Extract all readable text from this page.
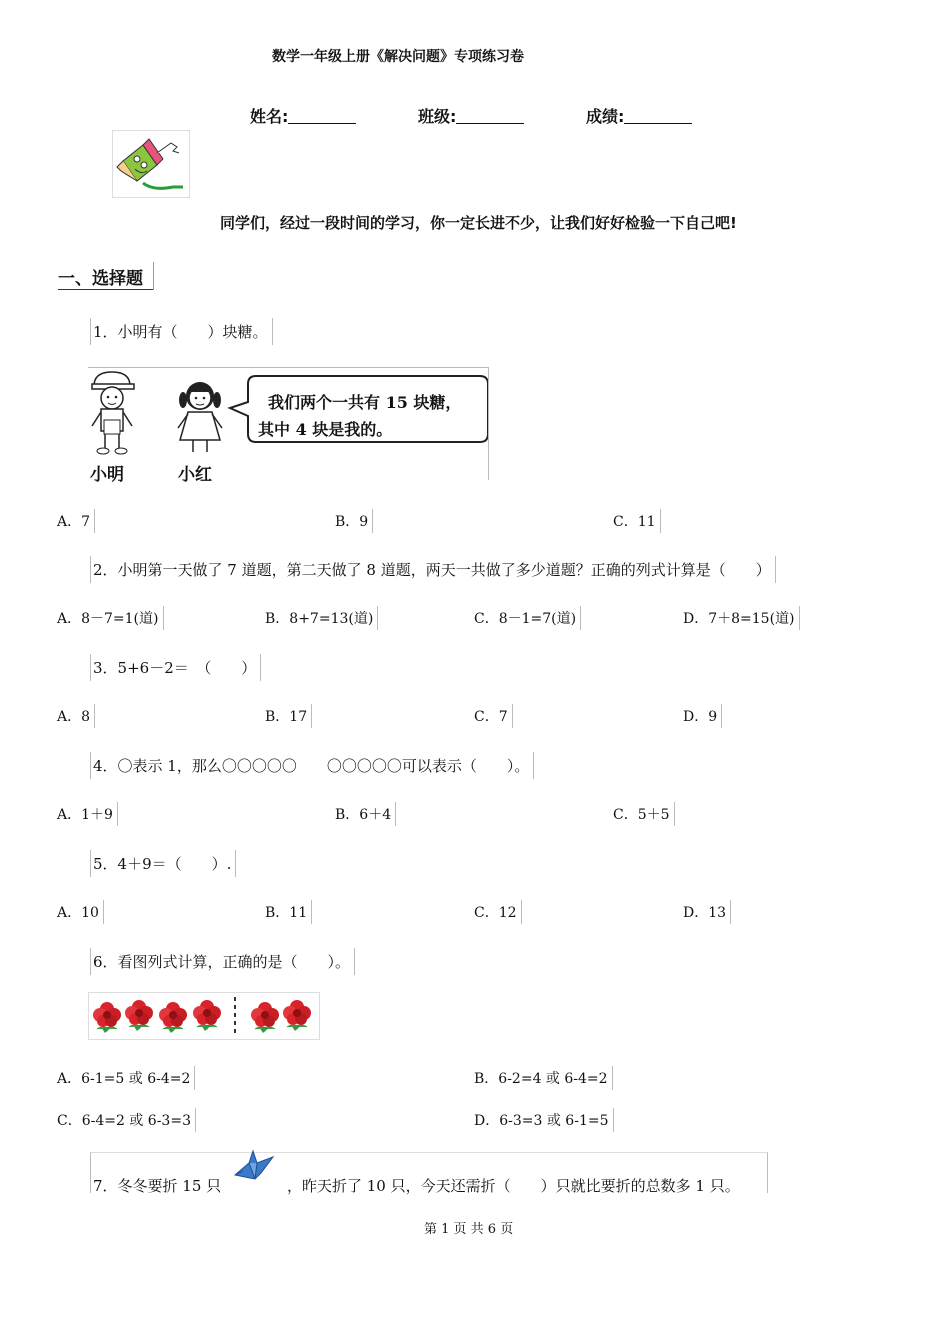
数学一年级上册《解决问题》专项练习卷
姓名:	班级:	成绩:
同学们，经过一段时间的学习，你一定长进不少，让我们好好检验一下自己吧!
一、选择题
1．小明有（　　）块糖。
我们两个一共有 15 块糖，
其中 4 块是我的。
小明	小红
A．7	B．9	C．11
2．小明第一天做了 7 道题，第二天做了 8 道题，两天一共做了多少道题？正确的列式计算是（　　）
A．8－7=1(道)	B．8+7=13(道)	C．8－1=7(道)	D．7＋8=15(道)
3．5+6－2＝　（　　）
A．8	B．17	C．7	D．9
4．〇表示 1，那么〇〇〇〇〇　　〇〇〇〇〇可以表示（　　）。
A．1＋9	B．6＋4	C．5＋5
5．4＋9＝（　　）.
A．10	B．11	C．12	D．13
6．看图列式计算，正确的是（　　）。
A．6-1=5 或 6-4=2	B．6-2=4 或 6-4=2
C．6-4=2 或 6-3=3	D．6-3=3 或 6-1=5
7．冬冬要折 15 只	，昨天折了 10 只，今天还需折（　　）只就比要折的总数多 1 只。
第 1 页 共 6 页
